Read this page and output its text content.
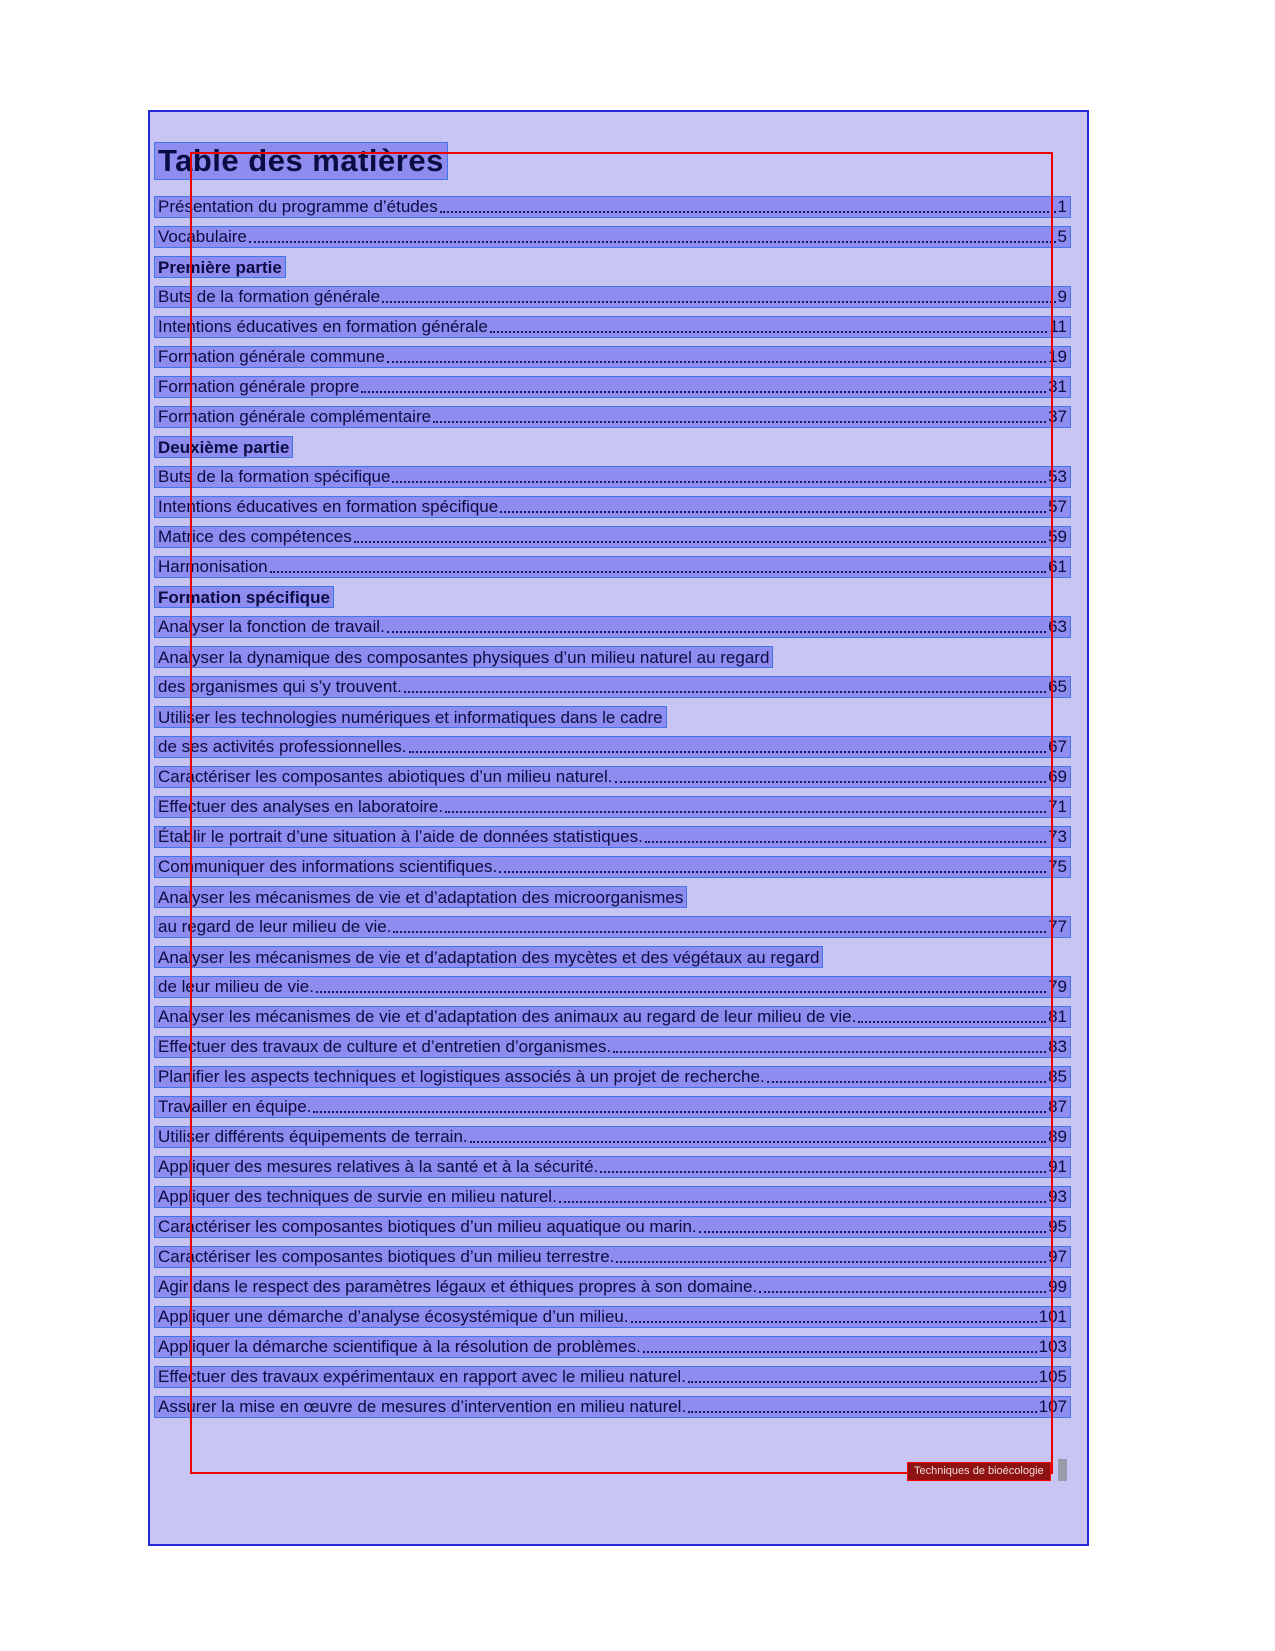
Table des matières
Présentation du programme d’études	1
Vocabulaire	5
Première partie
Buts de la formation générale	9
Intentions éducatives en formation générale	11
Formation générale commune	19
Formation générale propre	31
Formation générale complémentaire	37
Deuxième partie
Buts de la formation spécifique	53
Intentions éducatives en formation spécifique	57
Matrice des compétences	59
Harmonisation	61
Formation spécifique
Analyser la fonction de travail.	63
Analyser la dynamique des composantes physiques d’un milieu naturel au regard
des organismes qui s’y trouvent.	65
Utiliser les technologies numériques et informatiques dans le cadre
de ses activités professionnelles.	67
Caractériser les composantes abiotiques d’un milieu naturel.	69
Effectuer des analyses en laboratoire.	71
Établir le portrait d’une situation à l’aide de données statistiques.	73
Communiquer des informations scientifiques.	75
Analyser les mécanismes de vie et d’adaptation des microorganismes
au regard de leur milieu de vie.	77
Analyser les mécanismes de vie et d’adaptation des mycètes et des végétaux au regard
de leur milieu de vie.	79
Analyser les mécanismes de vie et d’adaptation des animaux au regard de leur milieu de vie.	81
Effectuer des travaux de culture et d’entretien d’organismes.	83
Planifier les aspects techniques et logistiques associés à un projet de recherche.	85
Travailler en équipe.	87
Utiliser différents équipements de terrain.	89
Appliquer des mesures relatives à la santé et à la sécurité.	91
Appliquer des techniques de survie en milieu naturel.	93
Caractériser les composantes biotiques d’un milieu aquatique ou marin.	95
Caractériser les composantes biotiques d’un milieu terrestre.	97
Agir dans le respect des paramètres légaux et éthiques propres à son domaine.	99
Appliquer une démarche d’analyse écosystémique d’un milieu.	101
Appliquer la démarche scientifique à la résolution de problèmes.	103
Effectuer des travaux expérimentaux en rapport avec le milieu naturel.	105
Assurer la mise en œuvre de mesures d’intervention en milieu naturel.	107
Techniques de bioécologie
